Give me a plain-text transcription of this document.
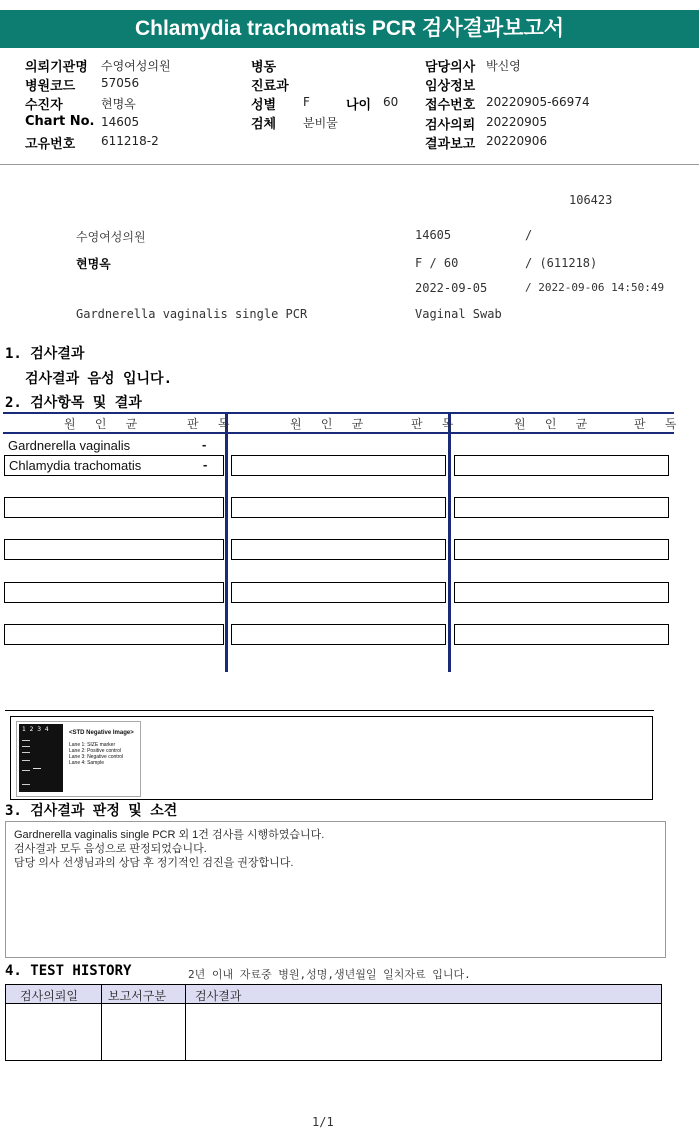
Chlamydia trachomatis PCR 검사결과보고서
의뢰기관명 수영여성의원	병동	담당의사 박신영
병원코드 57056	진료과	임상정보
수진자	현명옥	성별 F	나이 60 접수번호 20220905-66974
Chart No. 14605	검체 분비물	검사의뢰 20220905
고유번호 611218-2	결과보고 20220906
106423
수영여성의원	14605	/
현명옥	F / 60	/ (611218)
2022-09-05	/ 2022-09-06 14:50:49
Gardnerella vaginalis single PCR	Vaginal Swab
1. 검사결과
검사결과 음성 입니다.
2. 검사항목 및 결과
원 인 균	판 독	원 인 균	판 독	원 인 균	판 독
Gardnerella vaginalis	-
Chlamydia trachomatis	-
1  2  3  4	<STD Negative Image>
Lane 1: SIZE marker
Lane 2: Positive control
Lane 3: Negative control
Lane 4: Sample
3. 검사결과 판정 및 소견
Gardnerella vaginalis single PCR 외 1건 검사를 시행하였습니다.
검사결과 모두 음성으로 판정되었습니다.
담당 의사 선생님과의 상담 후 정기적인 검진을 권장합니다.
4. TEST HISTORY	2년 이내 자료중 병원,성명,생년월일 일치자료 입니다.
검사의뢰일	보고서구분 검사결과
1/1
